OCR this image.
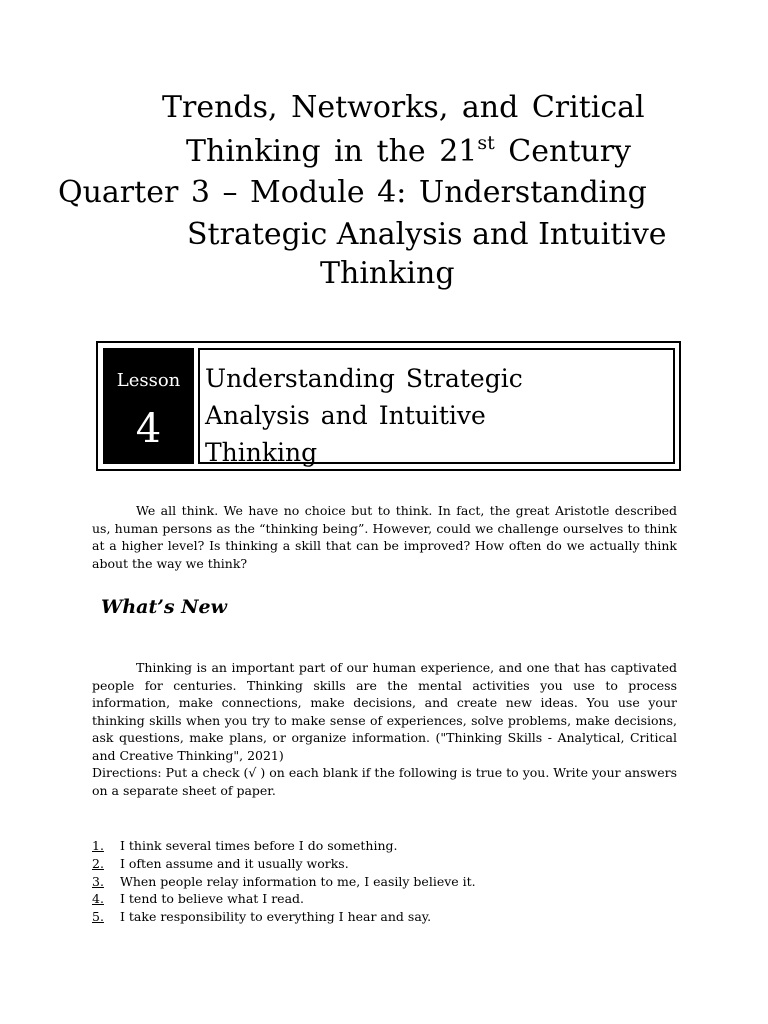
Trends, Networks, and Critical
Thinking in the 21st Century
Quarter 3 – Module 4: Understanding
Strategic Analysis and Intuitive
Thinking
Lesson
4
Understanding Strategic
Analysis and Intuitive
Thinking
We all think. We have no choice but to think. In fact, the great Aristotle described us, human persons as the “thinking being”. However, could we challenge ourselves to think at a higher level? Is thinking a skill that can be improved? How often do we actually think about the way we think?
What’s New
Thinking is an important part of our human experience, and one that has captivated people for centuries. Thinking skills are the mental activities you use to process information, make connections, make decisions, and create new ideas. You use your thinking skills when you try to make sense of experiences, solve problems, make decisions, ask questions, make plans, or organize information. ("Thinking Skills - Analytical, Critical and Creative Thinking", 2021)
Directions: Put a check (√ ) on each blank if the following is true to you. Write your answers on a separate sheet of paper.
1. I think several times before I do something.
2. I often assume and it usually works.
3. When people relay information to me, I easily believe it.
4. I tend to believe what I read.
5. I take responsibility to everything I hear and say.
